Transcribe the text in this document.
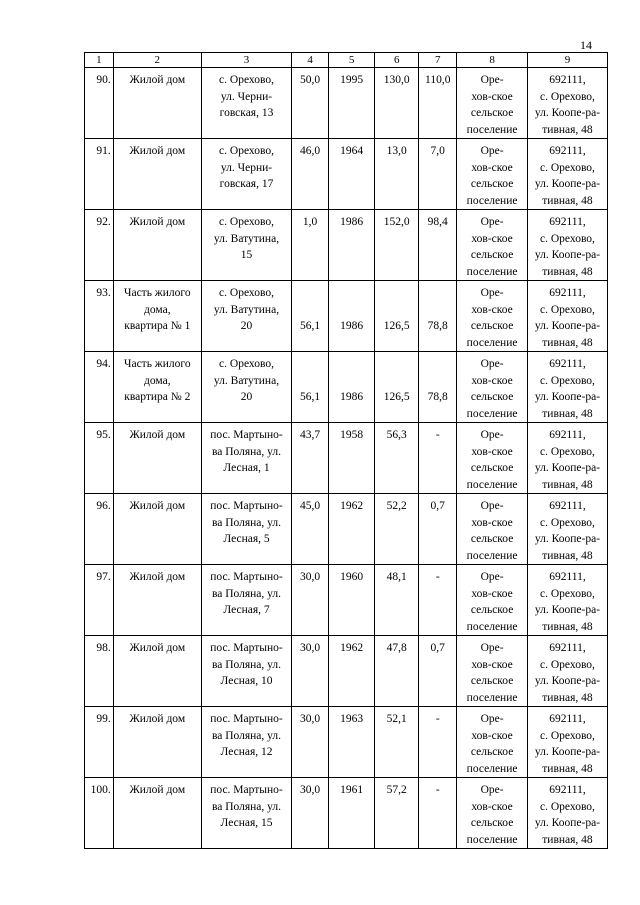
14
1	2	3	4	5	6	7	8	9
90.	Жилой дом	с. Орехово,
ул. Черни-
говская, 13	50,0	1995	130,0	110,0	Оре-
хов-ское
сельское
поселение	692111,
с. Орехово,
ул. Коопе-ра-
тивная, 48
91.	Жилой дом	с. Орехово,
ул. Черни-
говская, 17	46,0	1964	13,0	7,0	Оре-
хов-ское
сельское
поселение	692111,
с. Орехово,
ул. Коопе-ра-
тивная, 48
92.	Жилой дом	с. Орехово,
ул. Ватутина,
15	1,0	1986	152,0	98,4	Оре-
хов-ское
сельское
поселение	692111,
с. Орехово,
ул. Коопе-ра-
тивная, 48
93.	Часть жилого
дома,
квартира № 1	с. Орехово,
ул. Ватутина,
20	56,1	1986	126,5	78,8	Оре-
хов-ское
сельское
поселение	692111,
с. Орехово,
ул. Коопе-ра-
тивная, 48
94.	Часть жилого
дома,
квартира № 2	с. Орехово,
ул. Ватутина,
20	56,1	1986	126,5	78,8	Оре-
хов-ское
сельское
поселение	692111,
с. Орехово,
ул. Коопе-ра-
тивная, 48
95.	Жилой дом	пос. Мартыно-
ва Поляна, ул.
Лесная, 1	43,7	1958	56,3	-	Оре-
хов-ское
сельское
поселение	692111,
с. Орехово,
ул. Коопе-ра-
тивная, 48
96.	Жилой дом	пос. Мартыно-
ва Поляна, ул.
Лесная, 5	45,0	1962	52,2	0,7	Оре-
хов-ское
сельское
поселение	692111,
с. Орехово,
ул. Коопе-ра-
тивная, 48
97.	Жилой дом	пос. Мартыно-
ва Поляна, ул.
Лесная, 7	30,0	1960	48,1	-	Оре-
хов-ское
сельское
поселение	692111,
с. Орехово,
ул. Коопе-ра-
тивная, 48
98.	Жилой дом	пос. Мартыно-
ва Поляна, ул.
Лесная, 10	30,0	1962	47,8	0,7	Оре-
хов-ское
сельское
поселение	692111,
с. Орехово,
ул. Коопе-ра-
тивная, 48
99.	Жилой дом	пос. Мартыно-
ва Поляна, ул.
Лесная, 12	30,0	1963	52,1	-	Оре-
хов-ское
сельское
поселение	692111,
с. Орехово,
ул. Коопе-ра-
тивная, 48
100.	Жилой дом	пос. Мартыно-
ва Поляна, ул.
Лесная, 15	30,0	1961	57,2	-	Оре-
хов-ское
сельское
поселение	692111,
с. Орехово,
ул. Коопе-ра-
тивная, 48
